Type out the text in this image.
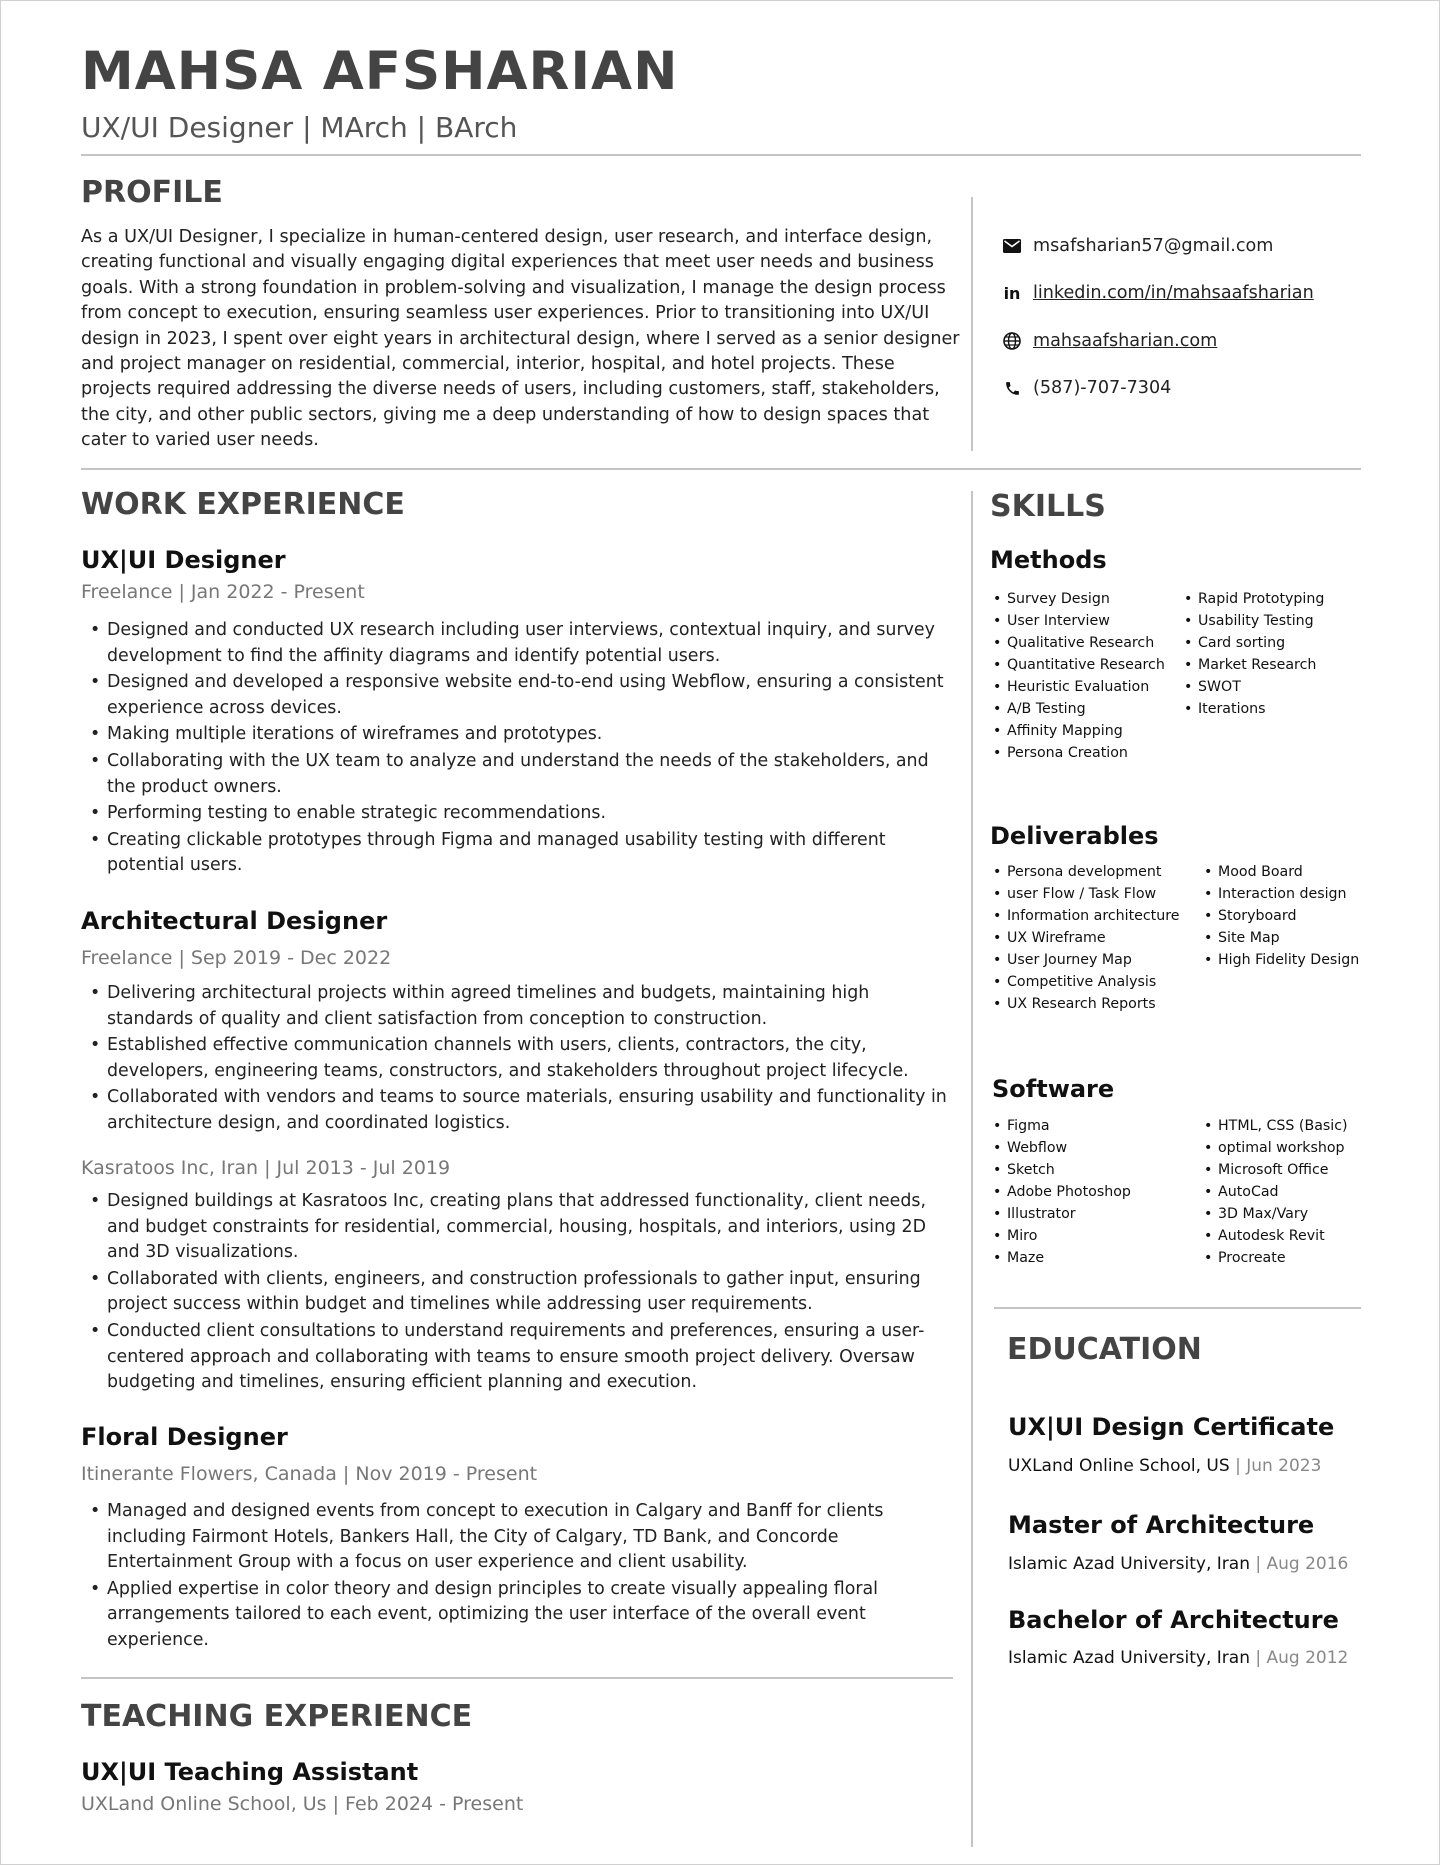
MAHSA AFSHARIAN
UX/UI Designer | MArch | BArch
PROFILE
As a UX/UI Designer, I specialize in human-centered design, user research, and interface design, creating functional and visually engaging digital experiences that meet user needs and business goals. With a strong foundation in problem-solving and visualization, I manage the design process from concept to execution, ensuring seamless user experiences. Prior to transitioning into UX/UI design in 2023, I spent over eight years in architectural design, where I served as a senior designer and project manager on residential, commercial, interior, hospital, and hotel projects. These projects required addressing the diverse needs of users, including customers, staff, stakeholders, the city, and other public sectors, giving me a deep understanding of how to design spaces that cater to varied user needs.
msafsharian57@gmail.com
in linkedin.com/in/mahsaafsharian
mahsaafsharian.com
(587)-707-7304
WORK EXPERIENCE
UX|UI Designer
Freelance | Jan 2022 - Present
• Designed and conducted UX research including user interviews, contextual inquiry, and survey development to find the affinity diagrams and identify potential users.
• Designed and developed a responsive website end-to-end using Webflow, ensuring a consistent experience across devices.
• Making multiple iterations of wireframes and prototypes.
• Collaborating with the UX team to analyze and understand the needs of the stakeholders, and the product owners.
• Performing testing to enable strategic recommendations.
• Creating clickable prototypes through Figma and managed usability testing with different potential users.
Architectural Designer
Freelance | Sep 2019 - Dec 2022
• Delivering architectural projects within agreed timelines and budgets, maintaining high standards of quality and client satisfaction from conception to construction.
• Established effective communication channels with users, clients, contractors, the city, developers, engineering teams, constructors, and stakeholders throughout project lifecycle.
• Collaborated with vendors and teams to source materials, ensuring usability and functionality in architecture design, and coordinated logistics.
Kasratoos Inc, Iran | Jul 2013 - Jul 2019
• Designed buildings at Kasratoos Inc, creating plans that addressed functionality, client needs, and budget constraints for residential, commercial, housing, hospitals, and interiors, using 2D and 3D visualizations.
• Collaborated with clients, engineers, and construction professionals to gather input, ensuring project success within budget and timelines while addressing user requirements.
• Conducted client consultations to understand requirements and preferences, ensuring a user-centered approach and collaborating with teams to ensure smooth project delivery. Oversaw budgeting and timelines, ensuring efficient planning and execution.
Floral Designer
Itinerante Flowers, Canada | Nov 2019 - Present
• Managed and designed events from concept to execution in Calgary and Banff for clients including Fairmont Hotels, Bankers Hall, the City of Calgary, TD Bank, and Concorde Entertainment Group with a focus on user experience and client usability.
• Applied expertise in color theory and design principles to create visually appealing floral arrangements tailored to each event, optimizing the user interface of the overall event experience.
TEACHING EXPERIENCE
UX|UI Teaching Assistant
UXLand Online School, Us | Feb 2024 - Present
SKILLS
Methods
• Survey Design
• User Interview
• Qualitative Research
• Quantitative Research
• Heuristic Evaluation
• A/B Testing
• Affinity Mapping
• Persona Creation
• Rapid Prototyping
• Usability Testing
• Card sorting
• Market Research
• SWOT
• Iterations
Deliverables
• Persona development
• user Flow / Task Flow
• Information architecture
• UX Wireframe
• User Journey Map
• Competitive Analysis
• UX Research Reports
• Mood Board
• Interaction design
• Storyboard
• Site Map
• High Fidelity Design
Software
• Figma
• Webflow
• Sketch
• Adobe Photoshop
• Illustrator
• Miro
• Maze
• HTML, CSS (Basic)
• optimal workshop
• Microsoft Office
• AutoCad
• 3D Max/Vary
• Autodesk Revit
• Procreate
EDUCATION
UX|UI Design Certificate
UXLand Online School, US | Jun 2023
Master of Architecture
Islamic Azad University, Iran | Aug 2016
Bachelor of Architecture
Islamic Azad University, Iran | Aug 2012
